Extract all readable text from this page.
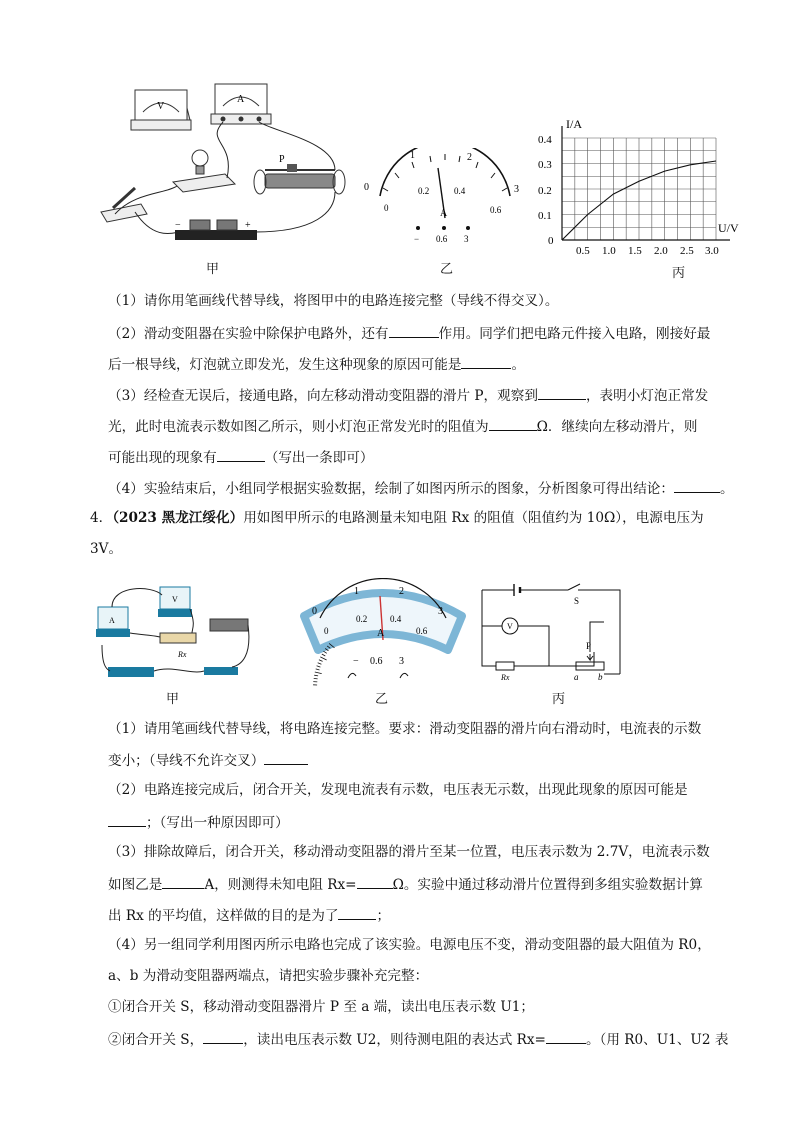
V
A
P
−	+
甲
0
1	2
3
0
0.2	0.4
0.6
A
− 0.6 3
乙
I/A
U/V
0.4
0.3
0.2
0.1
0
0.5 1.0 1.5 2.0 2.5 3.0
丙
（1）请你用笔画线代替导线，将图甲中的电路连接完整（导线不得交叉）。
（2）滑动变阻器在实验中除保护电路外，还有	作用。同学们把电路元件接入电路，刚接好最
后一根导线，灯泡就立即发光，发生这种现象的原因可能是	。
（3）经检查无误后，接通电路，向左移动滑动变阻器的滑片 P，观察到	，表明小灯泡正常发
光，此时电流表示数如图乙所示，则小灯泡正常发光时的阻值为	Ω．继续向左移动滑片，则
可能出现的现象有	（写出一条即可）
（4）实验结束后，小组同学根据实验数据，绘制了如图丙所示的图象，分析图象可得出结论：	。
4．（2023 黑龙江绥化）用如图甲所示的电路测量未知电阻 Rx 的阻值（阻值约为 10Ω），电源电压为
3V。
A
V
Rx
甲
0
1	2
3
0
0.2	0.4
0.6
A
− 0.6 3
乙
V
S
P
Rx	a b
丙
（1）请用笔画线代替导线，将电路连接完整。要求：滑动变阻器的滑片向右滑动时，电流表的示数
变小；（导线不允许交叉）
（2）电路连接完成后，闭合开关，发现电流表有示数，电压表无示数，出现此现象的原因可能是
；（写出一种原因即可）
（3）排除故障后，闭合开关，移动滑动变阻器的滑片至某一位置，电压表示数为 2.7V，电流表示数
如图乙是	A，则测得未知电阻 Rx=	Ω。实验中通过移动滑片位置得到多组实验数据计算
出 Rx 的平均值，这样做的目的是为了	；
（4）另一组同学利用图丙所示电路也完成了该实验。电源电压不变，滑动变阻器的最大阻值为 R0，
a、b 为滑动变阻器两端点，请把实验步骤补充完整：
①闭合开关 S，移动滑动变阻器滑片 P 至 a 端，读出电压表示数 U1；
②闭合开关 S，	，读出电压表示数 U2，则待测电阻的表达式 Rx=	。（用 R0、U1、U2 表
